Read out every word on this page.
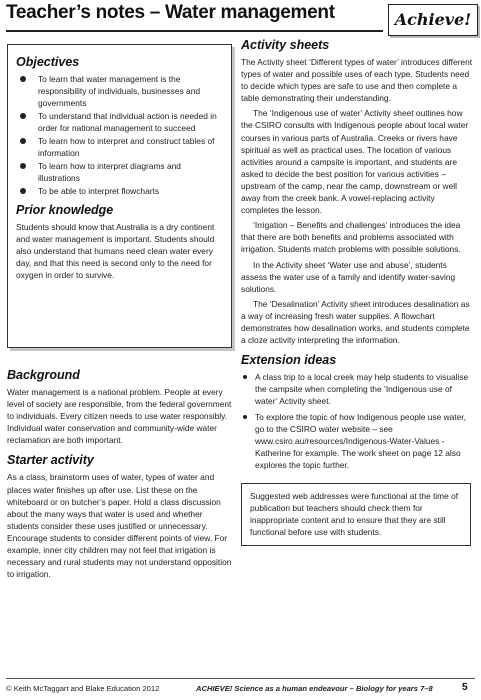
Teacher’s notes – Water management	Achieve!
Objectives
To learn that water management is the responsibility of individuals, businesses and governments
To understand that individual action is needed in order for national management to succeed
To learn how to interpret and construct tables of information
To learn how to interpret diagrams and illustrations
To be able to interpret flowcharts
Prior knowledge

Students should know that Australia is a dry continent and water management is important. Students should also understand that humans need clean water every day, and that this need is second only to the need for oxygen in order to survive.

Background

Water management is a national problem. People at every level of society are responsible, from the federal government to individuals. Every citizen needs to use water responsibly. Individual water conservation and community-wide water reclamation are both important.

Starter activity

As a class, brainstorm uses of water, types of water and places water finishes up after use. List these on the whiteboard or on butcher’s paper. Hold a class discussion about the many ways that water is used and whether students consider these uses justified or unnecessary. Encourage students to consider different points of view. For example, inner city children may not feel that irrigation is necessary and rural students may not understand opposition to irrigation.

Activity sheets

The Activity sheet ‘Different types of water’ introduces different types of water and possible uses of each type. Students need to decide which types are safe to use and then complete a table demonstrating their understanding.

The ‘Indigenous use of water’ Activity sheet outlines how the CSIRO consults with Indigenous people about local water courses in various parts of Australia. Creeks or rivers have spiritual as well as practical uses. The location of various activities around a campsite is important, and students are asked to decide the best position for various activities – upstream of the camp, near the camp, downstream or well away from the creek bank. A vowel-replacing activity completes the lesson.

‘Irrigation – Benefits and challenges’ introduces the idea that there are both benefits and problems associated with irrigation. Students match problems with possible solutions.

In the Activity sheet ‘Water use and abuse’, students assess the water use of a family and identify water-saving solutions.

The ‘Desalination’ Activity sheet introduces desalination as a way of increasing fresh water supplies. A flowchart demonstrates how desalination works, and students complete a cloze activity interpreting the information.

Extension ideas
A class trip to a local creek may help students to visualise the campsite when completing the ‘Indigenous use of water’ Activity sheet.
To explore the topic of how Indigenous people use water, go to the CSIRO water website – see www.csiro.au/resources/Indigenous-Water-Values -Katherine for example. The work sheet on page 12 also explores the topic further.

Suggested web addresses were functional at the time of publication but teachers should check them for inappropriate content and to ensure that they are still functional before use with students.

© Keith McTaggart and Blake Education 2012	ACHIEVE! Science as a human endeavour – Biology for years 7–8	5
